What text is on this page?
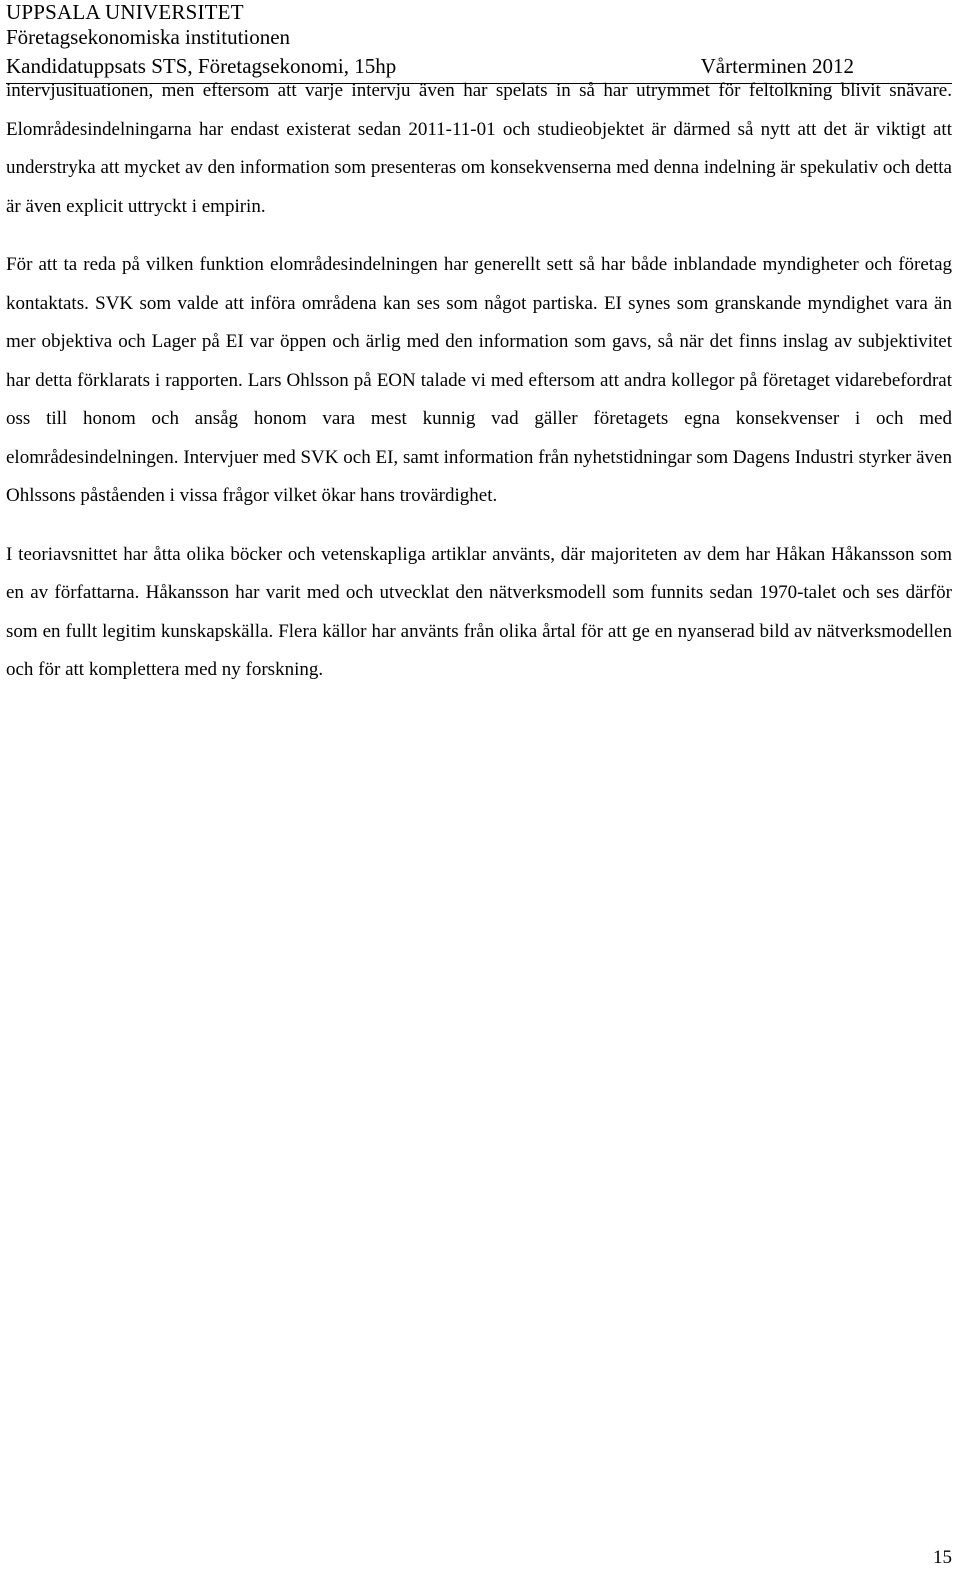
UPPSALA UNIVERSITET
Företagsekonomiska institutionen
Kandidatuppsats STS, Företagsekonomi, 15hp	Vårterminen 2012

intervjusituationen, men eftersom att varje intervju även har spelats in så har utrymmet för feltolkning blivit snävare. Elområdesindelningarna har endast existerat sedan 2011-11-01 och studieobjektet är därmed så nytt att det är viktigt att understryka att mycket av den information som presenteras om konsekvenserna med denna indelning är spekulativ och detta är även explicit uttryckt i empirin.

För att ta reda på vilken funktion elområdesindelningen har generellt sett så har både inblandade myndigheter och företag kontaktats. SVK som valde att införa områdena kan ses som något partiska. EI synes som granskande myndighet vara än mer objektiva och Lager på EI var öppen och ärlig med den information som gavs, så när det finns inslag av subjektivitet har detta förklarats i rapporten. Lars Ohlsson på EON talade vi med eftersom att andra kollegor på företaget vidarebefordrat oss till honom och ansåg honom vara mest kunnig vad gäller företagets egna konsekvenser i och med elområdesindelningen. Intervjuer med SVK och EI, samt information från nyhetstidningar som Dagens Industri styrker även Ohlssons påståenden i vissa frågor vilket ökar hans trovärdighet.

I teoriavsnittet har åtta olika böcker och vetenskapliga artiklar använts, där majoriteten av dem har Håkan Håkansson som en av författarna. Håkansson har varit med och utvecklat den nätverksmodell som funnits sedan 1970-talet och ses därför som en fullt legitim kunskapskälla. Flera källor har använts från olika årtal för att ge en nyanserad bild av nätverksmodellen och för att komplettera med ny forskning.

15
